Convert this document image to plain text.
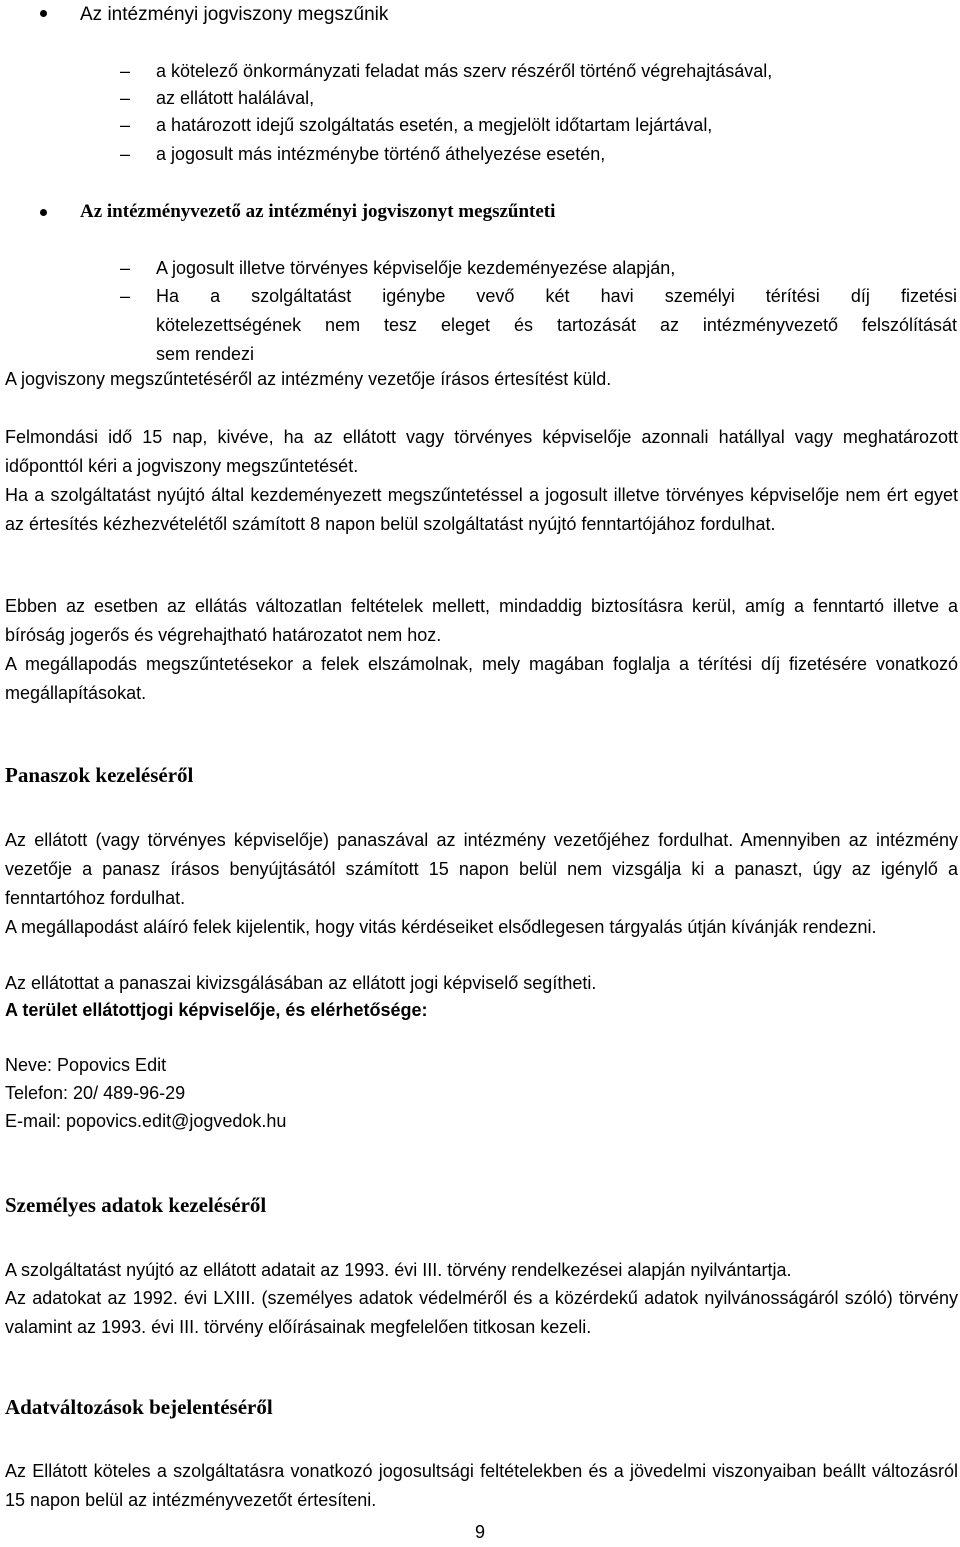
Az intézményi jogviszony megszűnik
– a kötelező önkormányzati feladat más szerv részéről történő végrehajtásával,
– az ellátott halálával,
– a határozott idejű szolgáltatás esetén, a megjelölt időtartam lejártával,
– a jogosult más intézménybe történő áthelyezése esetén,
Az intézményvezető az intézményi jogviszonyt megszűnteti
– A jogosult illetve törvényes képviselője kezdeményezése alapján,
– Ha a szolgáltatást igénybe vevő két havi személyi térítési díj fizetési
kötelezettségének nem tesz eleget és tartozását az intézményvezető felszólítását
sem rendezi
A jogviszony megszűntetéséről az intézmény vezetője írásos értesítést küld.
Felmondási idő 15 nap, kivéve, ha az ellátott vagy törvényes képviselője azonnali hatállyal vagy meghatározott időponttól kéri a jogviszony megszűntetését.
Ha a szolgáltatást nyújtó által kezdeményezett megszűntetéssel a jogosult illetve törvényes képviselője nem ért egyet az értesítés kézhezvételétől számított 8 napon belül szolgáltatást nyújtó fenntartójához fordulhat.
Ebben az esetben az ellátás változatlan feltételek mellett, mindaddig biztosításra kerül, amíg a fenntartó illetve a bíróság jogerős és végrehajtható határozatot nem hoz.
A megállapodás megszűntetésekor a felek elszámolnak, mely magában foglalja a térítési díj fizetésére vonatkozó megállapításokat.
Panaszok kezeléséről
Az ellátott (vagy törvényes képviselője) panaszával az intézmény vezetőjéhez fordulhat. Amennyiben az intézmény vezetője a panasz írásos benyújtásától számított 15 napon belül nem vizsgálja ki a panaszt, úgy az igénylő a fenntartóhoz fordulhat.
A megállapodást aláíró felek kijelentik, hogy vitás kérdéseiket elsődlegesen tárgyalás útján kívánják rendezni.
Az ellátottat a panaszai kivizsgálásában az ellátott jogi képviselő segítheti.
A terület ellátottjogi képviselője, és elérhetősége:
Neve: Popovics Edit
Telefon: 20/ 489-96-29
E-mail: popovics.edit@jogvedok.hu
Személyes adatok kezeléséről
A szolgáltatást nyújtó az ellátott adatait az 1993. évi III. törvény rendelkezései alapján nyilvántartja.
Az adatokat az 1992. évi LXIII. (személyes adatok védelméről és a közérdekű adatok nyilvánosságáról szóló) törvény valamint az 1993. évi III. törvény előírásainak megfelelően titkosan kezeli.
Adatváltozások bejelentéséről
Az Ellátott köteles a szolgáltatásra vonatkozó jogosultsági feltételekben és a jövedelmi viszonyaiban beállt változásról 15 napon belül az intézményvezetőt értesíteni.
9
